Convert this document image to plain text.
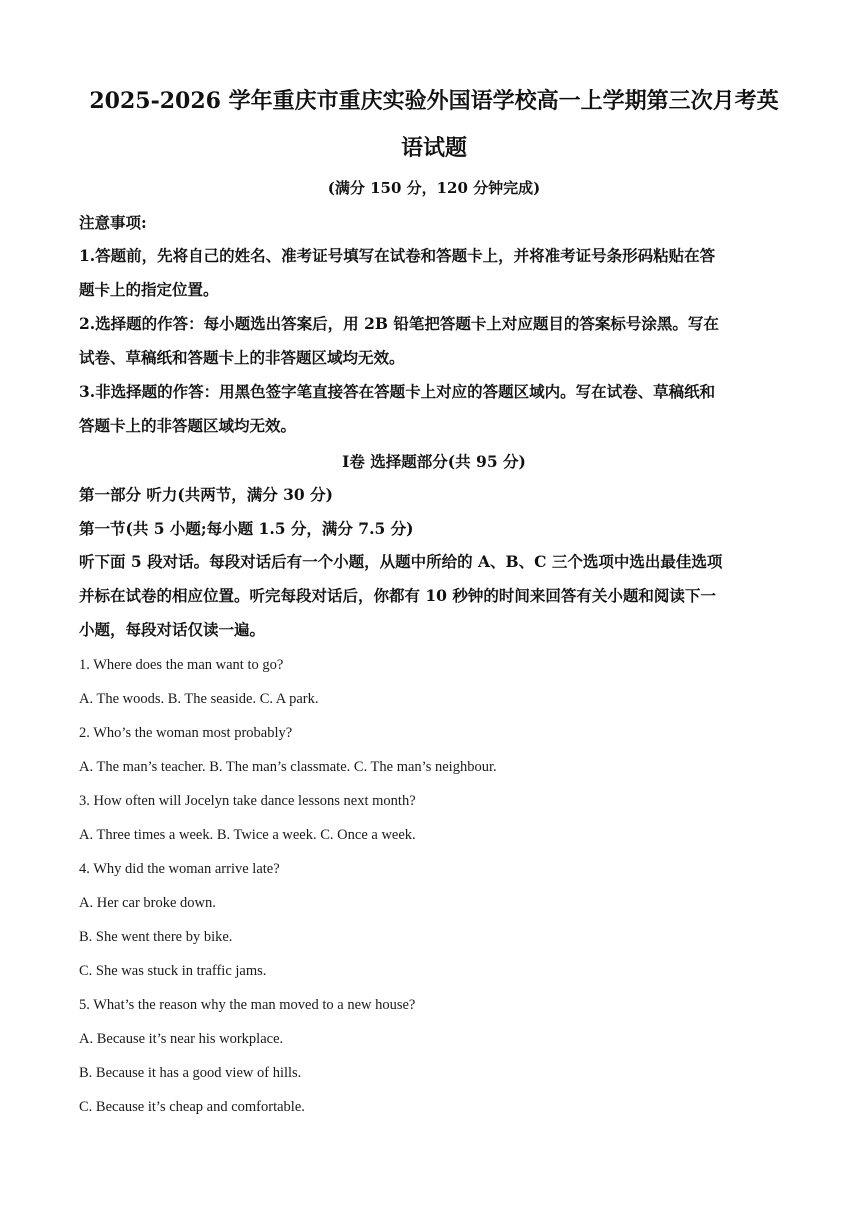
2025-2026 学年重庆市重庆实验外国语学校高一上学期第三次月考英
语试题
(满分 150 分，120 分钟完成)
注意事项:
1.答题前，先将自己的姓名、准考证号填写在试卷和答题卡上，并将准考证号条形码粘贴在答
题卡上的指定位置。
2.选择题的作答：每小题选出答案后，用 2B 铅笔把答题卡上对应题目的答案标号涂黑。写在
试卷、草稿纸和答题卡上的非答题区域均无效。
3.非选择题的作答：用黑色签字笔直接答在答题卡上对应的答题区域内。写在试卷、草稿纸和
答题卡上的非答题区域均无效。
Ⅰ卷 选择题部分(共 95 分)
第一部分 听力(共两节，满分 30 分)
第一节(共 5 小题;每小题 1.5 分，满分 7.5 分)
听下面 5 段对话。每段对话后有一个小题，从题中所给的 A、B、C 三个选项中选出最佳选项
并标在试卷的相应位置。听完每段对话后，你都有 10 秒钟的时间来回答有关小题和阅读下一
小题，每段对话仅读一遍。
1. Where does the man want to go?
A. The woods. B. The seaside. C. A park.
2. Who’s the woman most probably?
A. The man’s teacher. B. The man’s classmate. C. The man’s neighbour.
3. How often will Jocelyn take dance lessons next month?
A. Three times a week. B. Twice a week. C. Once a week.
4. Why did the woman arrive late?
A. Her car broke down.
B. She went there by bike.
C. She was stuck in traffic jams.
5. What’s the reason why the man moved to a new house?
A. Because it’s near his workplace.
B. Because it has a good view of hills.
C. Because it’s cheap and comfortable.
